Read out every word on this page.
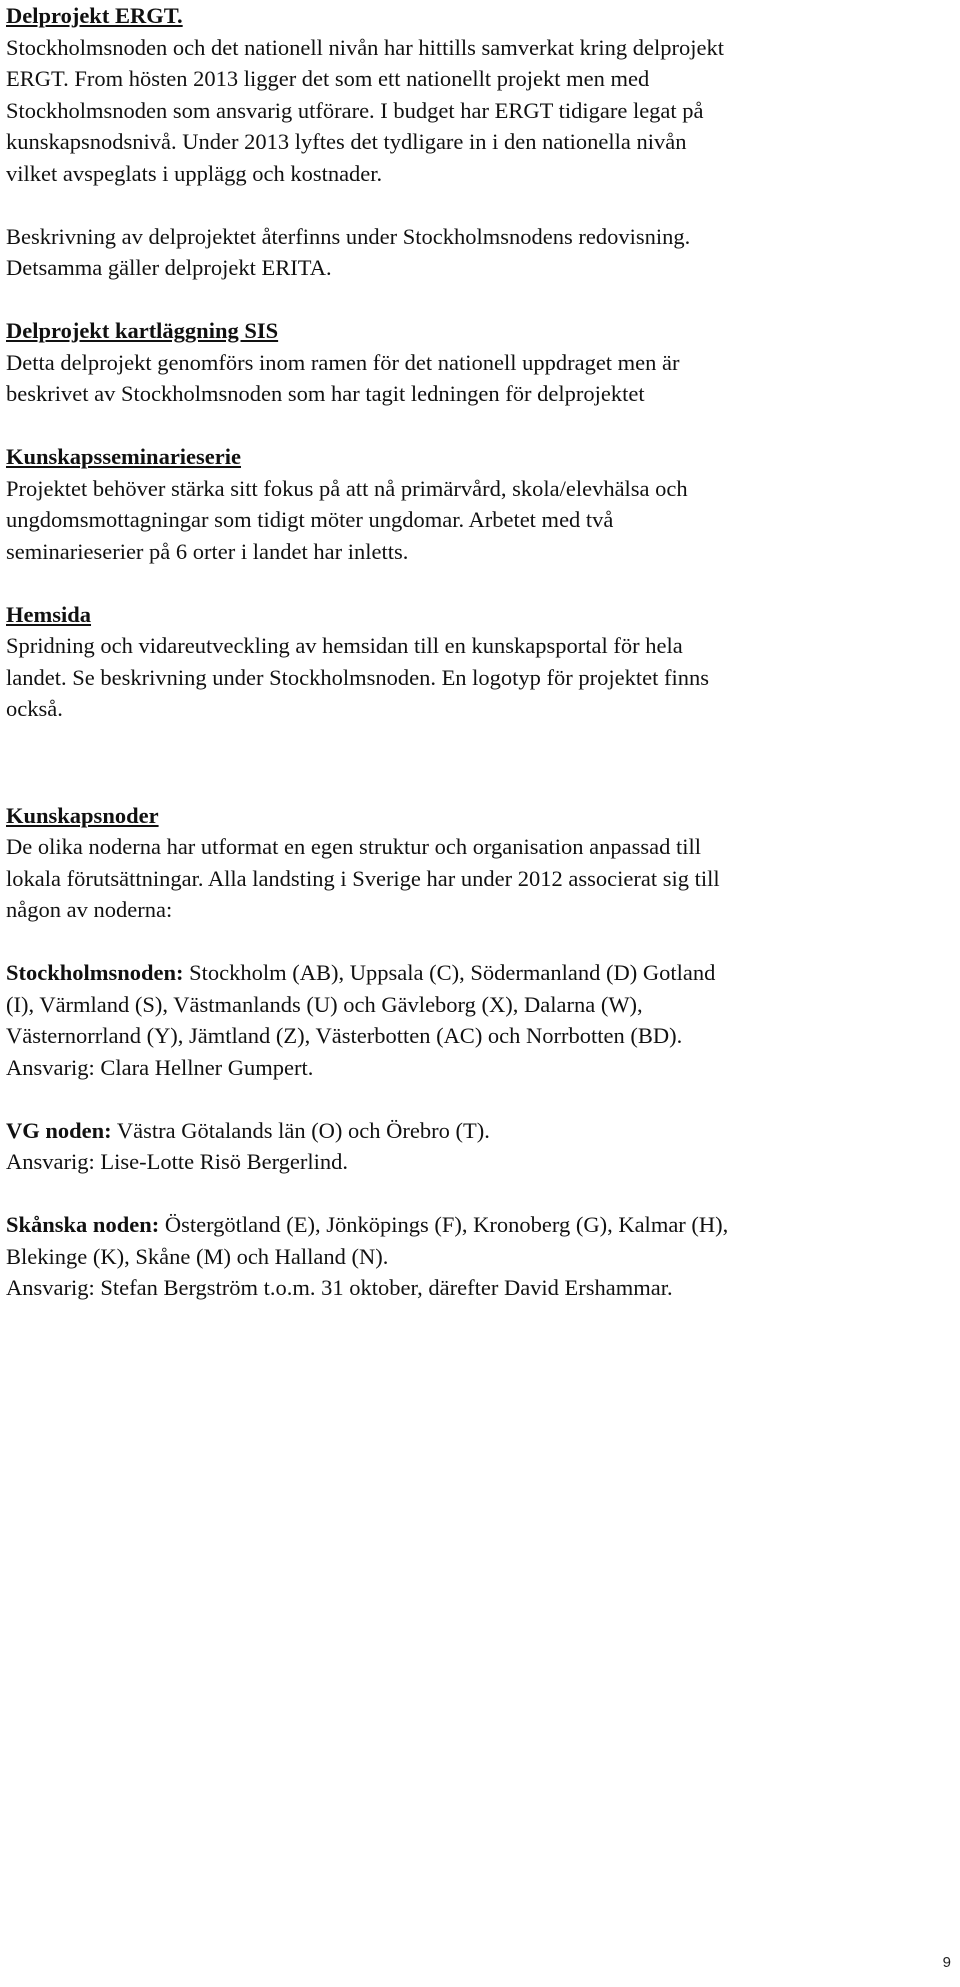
Delprojekt ERGT.

Stockholmsnoden och det nationell nivån har hittills samverkat kring delprojekt

ERGT. From hösten 2013 ligger det som ett nationellt projekt men med

Stockholmsnoden som ansvarig utförare. I budget har ERGT tidigare legat på

kunskapsnodsnivå. Under 2013 lyftes det tydligare in i den nationella nivån

vilket avspeglats i upplägg och kostnader.

Beskrivning av delprojektet återfinns under Stockholmsnodens redovisning.

Detsamma gäller delprojekt ERITA.

Delprojekt kartläggning SIS

Detta delprojekt genomförs inom ramen för det nationell uppdraget men är

beskrivet av Stockholmsnoden som har tagit ledningen för delprojektet

Kunskapsseminarieserie

Projektet behöver stärka sitt fokus på att nå primärvård, skola/elevhälsa och

ungdomsmottagningar som tidigt möter ungdomar. Arbetet med två

seminarieserier på 6 orter i landet har inletts.

Hemsida

Spridning och vidareutveckling av hemsidan till en kunskapsportal för hela

landet. Se beskrivning under Stockholmsnoden. En logotyp för projektet finns

också.

Kunskapsnoder

De olika noderna har utformat en egen struktur och organisation anpassad till

lokala förutsättningar. Alla landsting i Sverige har under 2012 associerat sig till

någon av noderna:

Stockholmsnoden: Stockholm (AB), Uppsala (C), Södermanland (D) Gotland

(I), Värmland (S), Västmanlands (U) och Gävleborg (X), Dalarna (W),

Västernorrland (Y), Jämtland (Z), Västerbotten (AC) och Norrbotten (BD).

Ansvarig: Clara Hellner Gumpert.

VG noden: Västra Götalands län (O) och Örebro (T).

Ansvarig: Lise-Lotte Risö Bergerlind.

Skånska noden: Östergötland (E), Jönköpings (F), Kronoberg (G), Kalmar (H),

Blekinge (K), Skåne (M) och Halland (N).

Ansvarig: Stefan Bergström t.o.m. 31 oktober, därefter David Ershammar.

9
